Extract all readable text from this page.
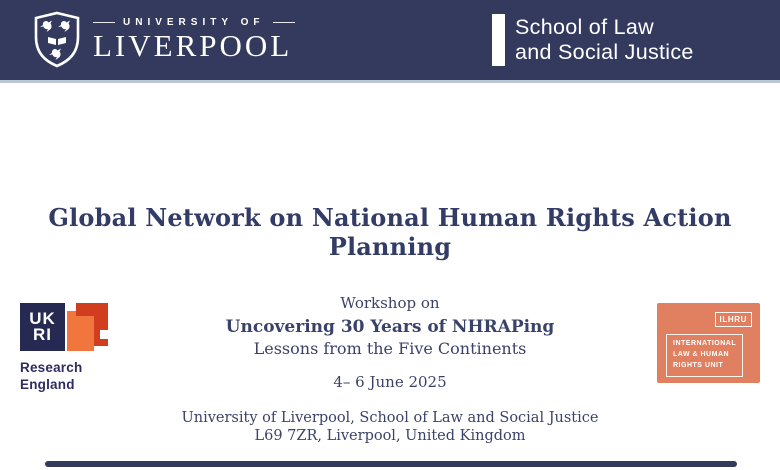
UNIVERSITY OF
LIVERPOOL
School of Law
and Social Justice
Global Network on National Human Rights Action Planning
Workshop on
Uncovering 30 Years of NHRAPing
Lessons from the Five Continents
4– 6 June 2025
University of Liverpool, School of Law and Social Justice
L69 7ZR, Liverpool, United Kingdom
UK
RI
Research
England
ILHRU
INTERNATIONAL
LAW & HUMAN
RIGHTS UNIT
